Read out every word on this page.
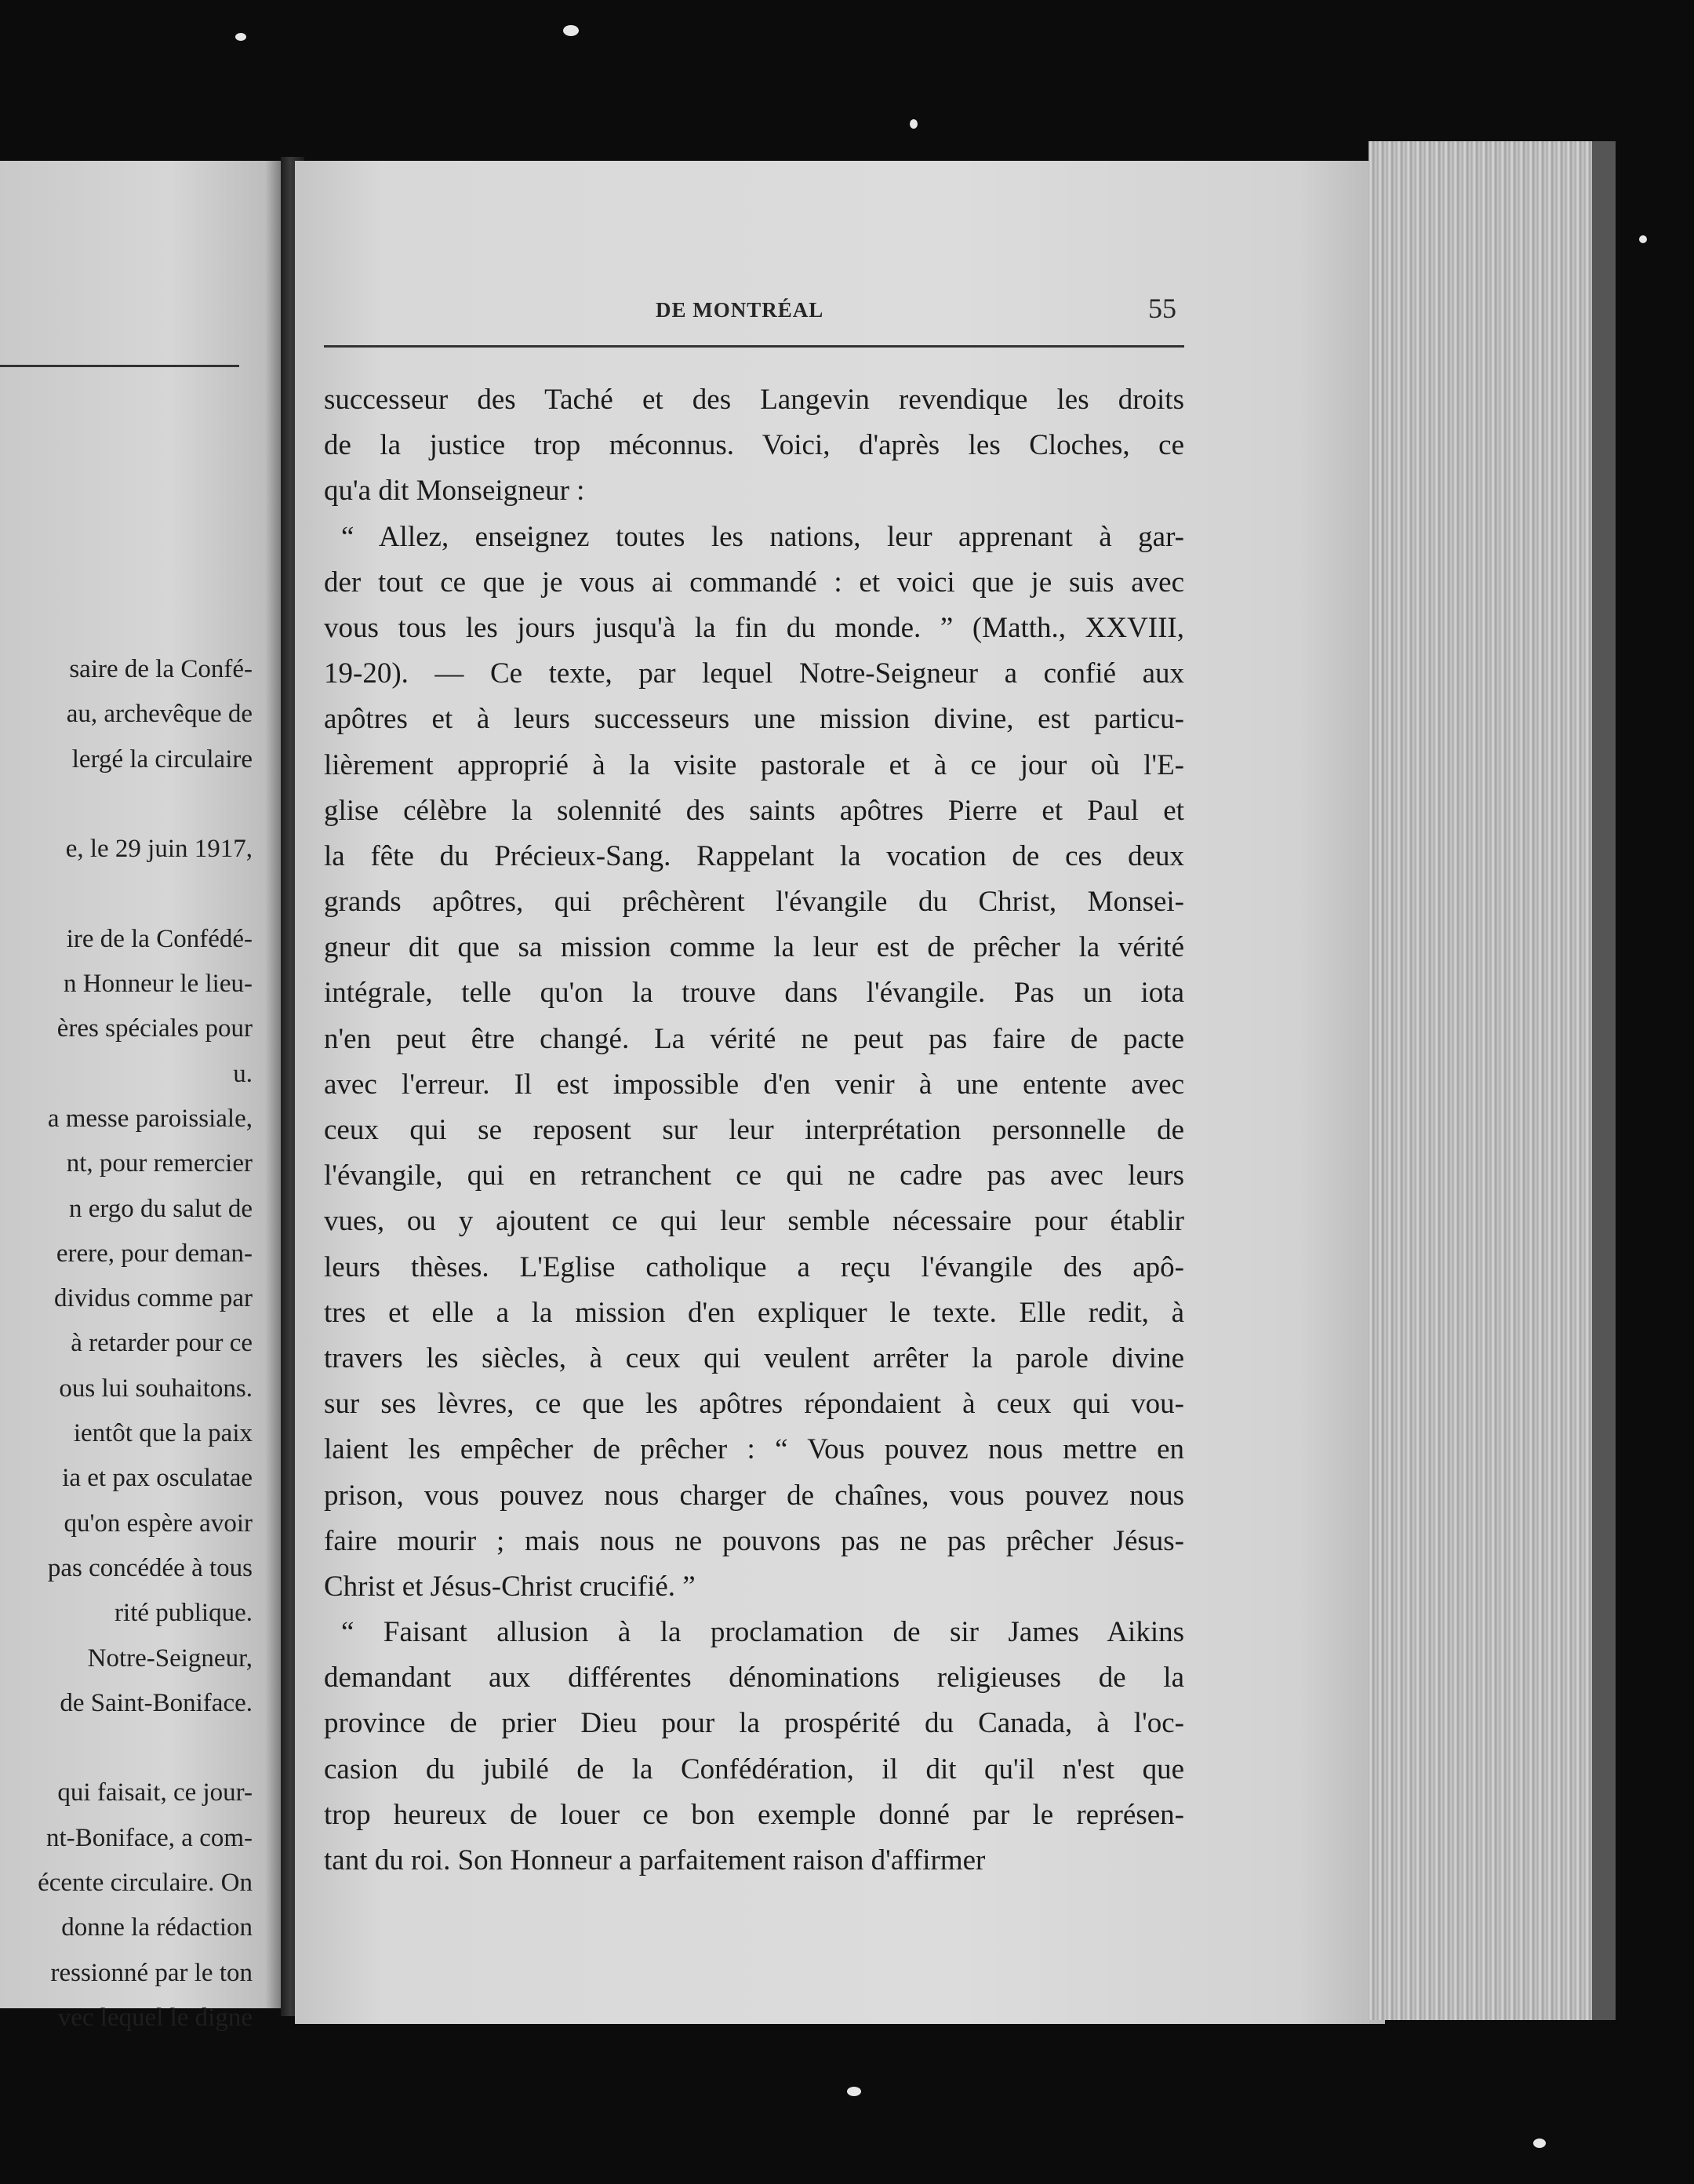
saire de la Confé-
au, archevêque de
lergé la circulaire
e, le 29 juin 1917,
ire de la Confédé-
n Honneur le lieu-
ères spéciales pour
u.
a messe paroissiale,
nt, pour remercier
n ergo du salut de
erere, pour deman-
dividus comme par
à retarder pour ce
ous lui souhaitons.
ientôt que la paix
ia et pax osculatae
qu'on espère avoir
pas concédée à tous
rité publique.
Notre-Seigneur,
de Saint-Boniface.
qui faisait, ce jour-
nt-Boniface, a com-
écente circulaire. On
donne la rédaction
ressionné par le ton
vec lequel le digne
DE MONTRÉAL	55
successeur des Taché et des Langevin revendique les droits
de la justice trop méconnus. Voici, d'après les Cloches, ce
qu'a dit Monseigneur :
“ Allez, enseignez toutes les nations, leur apprenant à gar-
der tout ce que je vous ai commandé : et voici que je suis avec
vous tous les jours jusqu'à la fin du monde. ” (Matth., XXVIII,
19-20). — Ce texte, par lequel Notre-Seigneur a confié aux
apôtres et à leurs successeurs une mission divine, est particu-
lièrement approprié à la visite pastorale et à ce jour où l'E-
glise célèbre la solennité des saints apôtres Pierre et Paul et
la fête du Précieux-Sang. Rappelant la vocation de ces deux
grands apôtres, qui prêchèrent l'évangile du Christ, Monsei-
gneur dit que sa mission comme la leur est de prêcher la vérité
intégrale, telle qu'on la trouve dans l'évangile. Pas un iota
n'en peut être changé. La vérité ne peut pas faire de pacte
avec l'erreur. Il est impossible d'en venir à une entente avec
ceux qui se reposent sur leur interprétation personnelle de
l'évangile, qui en retranchent ce qui ne cadre pas avec leurs
vues, ou y ajoutent ce qui leur semble nécessaire pour établir
leurs thèses. L'Eglise catholique a reçu l'évangile des apô-
tres et elle a la mission d'en expliquer le texte. Elle redit, à
travers les siècles, à ceux qui veulent arrêter la parole divine
sur ses lèvres, ce que les apôtres répondaient à ceux qui vou-
laient les empêcher de prêcher : “ Vous pouvez nous mettre en
prison, vous pouvez nous charger de chaînes, vous pouvez nous
faire mourir ; mais nous ne pouvons pas ne pas prêcher Jésus-
Christ et Jésus-Christ crucifié. ”
“ Faisant allusion à la proclamation de sir James Aikins
demandant aux différentes dénominations religieuses de la
province de prier Dieu pour la prospérité du Canada, à l'oc-
casion du jubilé de la Confédération, il dit qu'il n'est que
trop heureux de louer ce bon exemple donné par le représen-
tant du roi. Son Honneur a parfaitement raison d'affirmer
